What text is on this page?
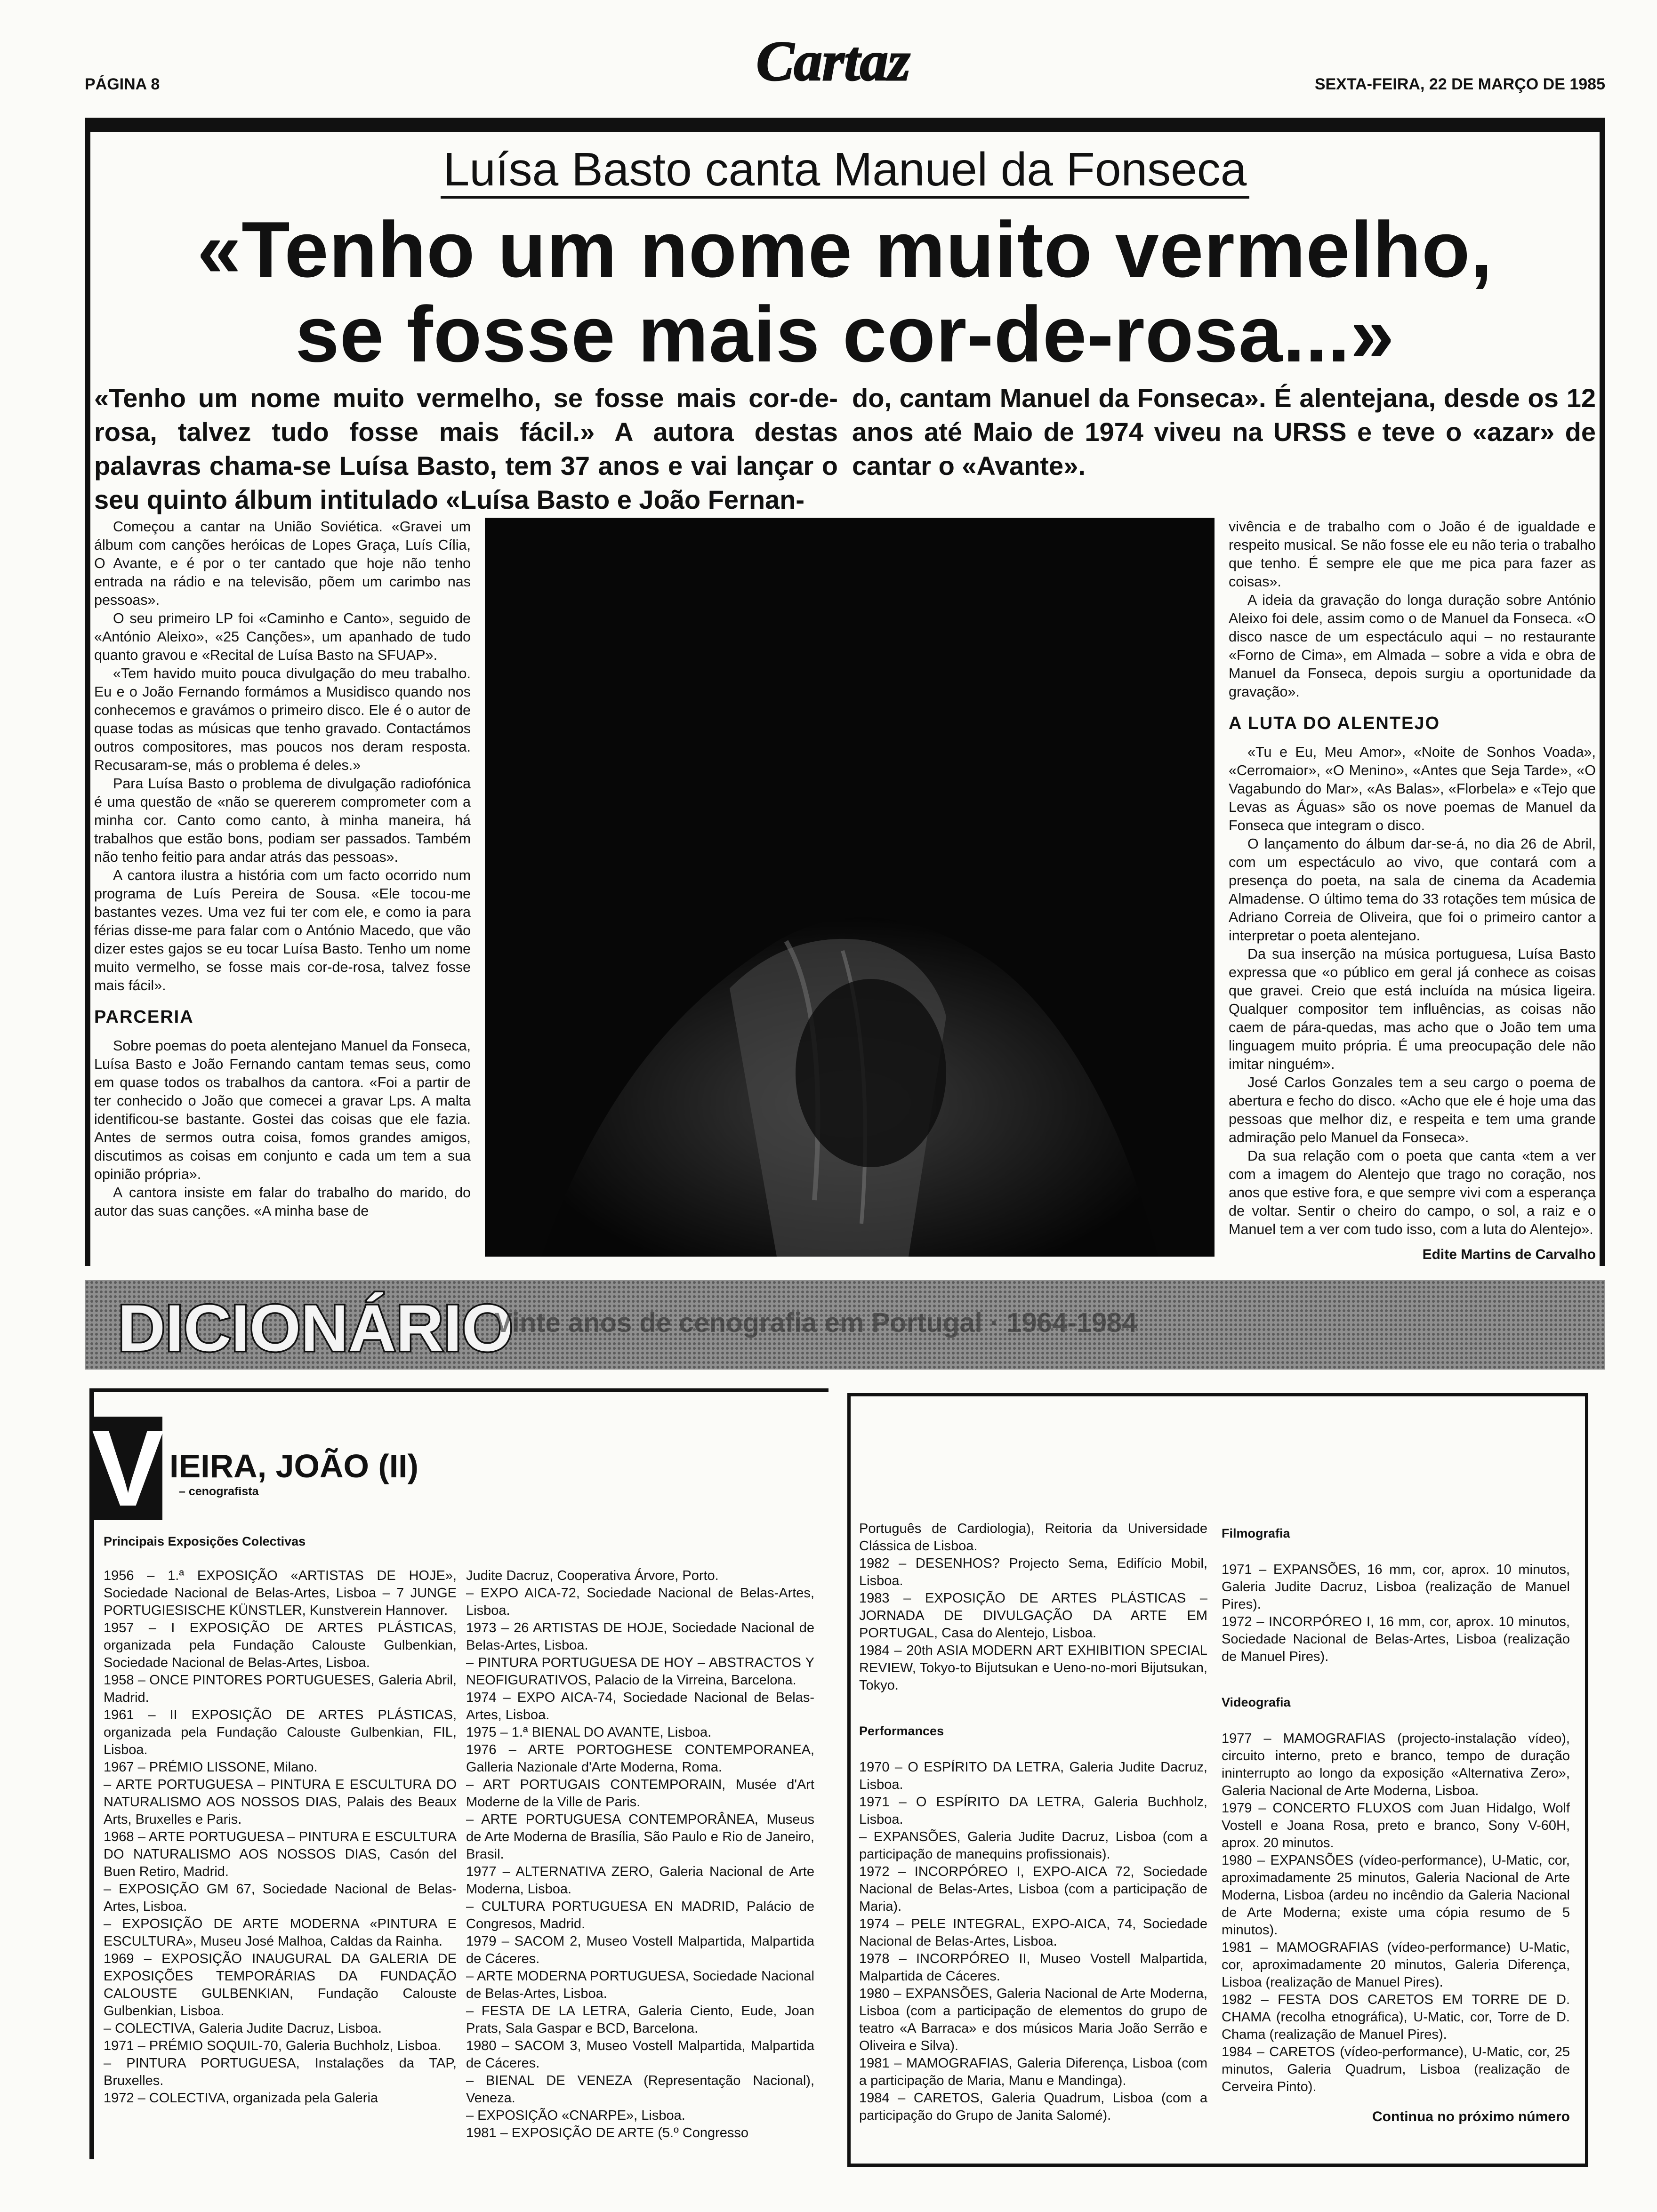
PÁGINA 8	Cartaz	SEXTA-FEIRA, 22 DE MARÇO DE 1985
Luísa Basto canta Manuel da Fonseca
«Tenho um nome muito vermelho,
se fosse mais cor-de-rosa...»
«Tenho um nome muito vermelho, se fosse mais cor-de-rosa, talvez tudo fosse mais fácil.» A autora destas palavras chama-se Luísa Basto, tem 37 anos e vai lançar o seu quinto álbum intitulado «Luísa Basto e João Fernan-
do, cantam Manuel da Fonseca». É alentejana, desde os 12 anos até Maio de 1974 viveu na URSS e teve o «azar» de cantar o «Avante».

Começou a cantar na União Soviética. «Gravei um álbum com canções heróicas de Lopes Graça, Luís Cília, O Avante, e é por o ter cantado que hoje não tenho entrada na rádio e na televisão, põem um carimbo nas pessoas».

O seu primeiro LP foi «Caminho e Canto», seguido de «António Aleixo», «25 Canções», um apanhado de tudo quanto gravou e «Recital de Luísa Basto na SFUAP».

«Tem havido muito pouca divulgação do meu trabalho. Eu e o João Fernando formámos a Musidisco quando nos conhecemos e gravámos o primeiro disco. Ele é o autor de quase todas as músicas que tenho gravado. Contactámos outros compositores, mas poucos nos deram resposta. Recusaram-se, más o problema é deles.»

Para Luísa Basto o problema de divulgação radiofónica é uma questão de «não se quererem comprometer com a minha cor. Canto como canto, à minha maneira, há trabalhos que estão bons, podiam ser passados. Também não tenho feitio para andar atrás das pessoas».

A cantora ilustra a história com um facto ocorrido num programa de Luís Pereira de Sousa. «Ele tocou-me bastantes vezes. Uma vez fui ter com ele, e como ia para férias disse-me para falar com o António Macedo, que vão dizer estes gajos se eu tocar Luísa Basto. Tenho um nome muito vermelho, se fosse mais cor-de-rosa, talvez fosse mais fácil».

PARCERIA

Sobre poemas do poeta alentejano Manuel da Fonseca, Luísa Basto e João Fernando cantam temas seus, como em quase todos os trabalhos da cantora. «Foi a partir de ter conhecido o João que comecei a gravar Lps. A malta identificou-se bastante. Gostei das coisas que ele fazia. Antes de sermos outra coisa, fomos grandes amigos, discutimos as coisas em conjunto e cada um tem a sua opinião própria».

A cantora insiste em falar do trabalho do marido, do autor das suas canções. «A minha base de

vivência e de trabalho com o João é de igualdade e respeito musical. Se não fosse ele eu não teria o trabalho que tenho. É sempre ele que me pica para fazer as coisas».

A ideia da gravação do longa duração sobre António Aleixo foi dele, assim como o de Manuel da Fonseca. «O disco nasce de um espectáculo aqui – no restaurante «Forno de Cima», em Almada – sobre a vida e obra de Manuel da Fonseca, depois surgiu a oportunidade da gravação».

A LUTA DO ALENTEJO

«Tu e Eu, Meu Amor», «Noite de Sonhos Voada», «Cerromaior», «O Menino», «Antes que Seja Tarde», «O Vagabundo do Mar», «As Balas», «Florbela» e «Tejo que Levas as Águas» são os nove poemas de Manuel da Fonseca que integram o disco.

O lançamento do álbum dar-se-á, no dia 26 de Abril, com um espectáculo ao vivo, que contará com a presença do poeta, na sala de cinema da Academia Almadense. O último tema do 33 rotações tem música de Adriano Correia de Oliveira, que foi o primeiro cantor a interpretar o poeta alentejano.

Da sua inserção na música portuguesa, Luísa Basto expressa que «o público em geral já conhece as coisas que gravei. Creio que está incluída na música ligeira. Qualquer compositor tem influências, as coisas não caem de pára-quedas, mas acho que o João tem uma linguagem muito própria. É uma preocupação dele não imitar ninguém».

José Carlos Gonzales tem a seu cargo o poema de abertura e fecho do disco. «Acho que ele é hoje uma das pessoas que melhor diz, e respeita e tem uma grande admiração pelo Manuel da Fonseca».

Da sua relação com o poeta que canta «tem a ver com a imagem do Alentejo que trago no coração, nos anos que estive fora, e que sempre vivi com a esperança de voltar. Sentir o cheiro do campo, o sol, a raiz e o Manuel tem a ver com tudo isso, com a luta do Alentejo».

Edite Martins de Carvalho
DICIONÁRIO
Vinte anos de cenografia em Portugal · 1964-1984
V IEIRA, JOÃO (II)
– cenografista
Principais Exposições Colectivas

1956 – 1.ª EXPOSIÇÃO «ARTISTAS DE HOJE», Sociedade Nacional de Belas-Artes, Lisboa – 7 JUNGE PORTUGIESISCHE KÜNSTLER, Kunstverein Hannover.

1957 – I EXPOSIÇÃO DE ARTES PLÁSTICAS, organizada pela Fundação Calouste Gulbenkian, Sociedade Nacional de Belas-Artes, Lisboa.

1958 – ONCE PINTORES PORTUGUESES, Galeria Abril, Madrid.

1961 – II EXPOSIÇÃO DE ARTES PLÁSTICAS, organizada pela Fundação Calouste Gulbenkian, FIL, Lisboa.

1967 – PRÉMIO LISSONE, Milano.

– ARTE PORTUGUESA – PINTURA E ESCULTURA DO NATURALISMO AOS NOSSOS DIAS, Palais des Beaux Arts, Bruxelles e Paris.

1968 – ARTE PORTUGUESA – PINTURA E ESCULTURA DO NATURALISMO AOS NOSSOS DIAS, Casón del Buen Retiro, Madrid.

– EXPOSIÇÃO GM 67, Sociedade Nacional de Belas-Artes, Lisboa.

– EXPOSIÇÃO DE ARTE MODERNA «PINTURA E ESCULTURA», Museu José Malhoa, Caldas da Rainha.

1969 – EXPOSIÇÃO INAUGURAL DA GALERIA DE EXPOSIÇÕES TEMPORÁRIAS DA FUNDAÇÃO CALOUSTE GULBENKIAN, Fundação Calouste Gulbenkian, Lisboa.

– COLECTIVA, Galeria Judite Dacruz, Lisboa.

1971 – PRÉMIO SOQUIL-70, Galeria Buchholz, Lisboa.

– PINTURA PORTUGUESA, Instalações da TAP, Bruxelles.

1972 – COLECTIVA, organizada pela Galeria

Judite Dacruz, Cooperativa Árvore, Porto.

– EXPO AICA-72, Sociedade Nacional de Belas-Artes, Lisboa.

1973 – 26 ARTISTAS DE HOJE, Sociedade Nacional de Belas-Artes, Lisboa.

– PINTURA PORTUGUESA DE HOY – ABSTRACTOS Y NEOFIGURATIVOS, Palacio de la Virreina, Barcelona.

1974 – EXPO AICA-74, Sociedade Nacional de Belas-Artes, Lisboa.

1975 – 1.ª BIENAL DO AVANTE, Lisboa.

1976 – ARTE PORTOGHESE CONTEMPORANEA, Galleria Nazionale d'Arte Moderna, Roma.

– ART PORTUGAIS CONTEMPORAIN, Musée d'Art Moderne de la Ville de Paris.

– ARTE PORTUGUESA CONTEMPORÂNEA, Museus de Arte Moderna de Brasília, São Paulo e Rio de Janeiro, Brasil.

1977 – ALTERNATIVA ZERO, Galeria Nacional de Arte Moderna, Lisboa.

– CULTURA PORTUGUESA EN MADRID, Palácio de Congresos, Madrid.

1979 – SACOM 2, Museo Vostell Malpartida, Malpartida de Cáceres.

– ARTE MODERNA PORTUGUESA, Sociedade Nacional de Belas-Artes, Lisboa.

– FESTA DE LA LETRA, Galeria Ciento, Eude, Joan Prats, Sala Gaspar e BCD, Barcelona.

1980 – SACOM 3, Museo Vostell Malpartida, Malpartida de Cáceres.

– BIENAL DE VENEZA (Representação Nacional), Veneza.

– EXPOSIÇÃO «CNARPE», Lisboa.

1981 – EXPOSIÇÃO DE ARTE (5.º Congresso

Português de Cardiologia), Reitoria da Universidade Clássica de Lisboa.

1982 – DESENHOS? Projecto Sema, Edifício Mobil, Lisboa.

1983 – EXPOSIÇÃO DE ARTES PLÁSTICAS – JORNADA DE DIVULGAÇÃO DA ARTE EM PORTUGAL, Casa do Alentejo, Lisboa.

1984 – 20th ASIA MODERN ART EXHIBITION SPECIAL REVIEW, Tokyo-to Bijutsukan e Ueno-no-mori Bijutsukan, Tokyo.

Performances

1970 – O ESPÍRITO DA LETRA, Galeria Judite Dacruz, Lisboa.

1971 – O ESPÍRITO DA LETRA, Galeria Buchholz, Lisboa.

– EXPANSÕES, Galeria Judite Dacruz, Lisboa (com a participação de manequins profissionais).

1972 – INCORPÓREO I, EXPO-AICA 72, Sociedade Nacional de Belas-Artes, Lisboa (com a participação de Maria).

1974 – PELE INTEGRAL, EXPO-AICA, 74, Sociedade Nacional de Belas-Artes, Lisboa.

1978 – INCORPÓREO II, Museo Vostell Malpartida, Malpartida de Cáceres.

1980 – EXPANSÕES, Galeria Nacional de Arte Moderna, Lisboa (com a participação de elementos do grupo de teatro «A Barraca» e dos músicos Maria João Serrão e Oliveira e Silva).

1981 – MAMOGRAFIAS, Galeria Diferença, Lisboa (com a participação de Maria, Manu e Mandinga).

1984 – CARETOS, Galeria Quadrum, Lisboa (com a participação do Grupo de Janita Salomé).

Filmografia

1971 – EXPANSÕES, 16 mm, cor, aprox. 10 minutos, Galeria Judite Dacruz, Lisboa (realização de Manuel Pires).

1972 – INCORPÓREO I, 16 mm, cor, aprox. 10 minutos, Sociedade Nacional de Belas-Artes, Lisboa (realização de Manuel Pires).

Videografia

1977 – MAMOGRAFIAS (projecto-instalação vídeo), circuito interno, preto e branco, tempo de duração ininterrupto ao longo da exposição «Alternativa Zero», Galeria Nacional de Arte Moderna, Lisboa.

1979 – CONCERTO FLUXOS com Juan Hidalgo, Wolf Vostell e Joana Rosa, preto e branco, Sony V-60H, aprox. 20 minutos.

1980 – EXPANSÕES (vídeo-performance), U-Matic, cor, aproximadamente 25 minutos, Galeria Nacional de Arte Moderna, Lisboa (ardeu no incêndio da Galeria Nacional de Arte Moderna; existe uma cópia resumo de 5 minutos).

1981 – MAMOGRAFIAS (vídeo-performance) U-Matic, cor, aproximadamente 20 minutos, Galeria Diferença, Lisboa (realização de Manuel Pires).

1982 – FESTA DOS CARETOS EM TORRE DE D. CHAMA (recolha etnográfica), U-Matic, cor, Torre de D. Chama (realização de Manuel Pires).

1984 – CARETOS (vídeo-performance), U-Matic, cor, 25 minutos, Galeria Quadrum, Lisboa (realização de Cerveira Pinto).

Continua no próximo número
